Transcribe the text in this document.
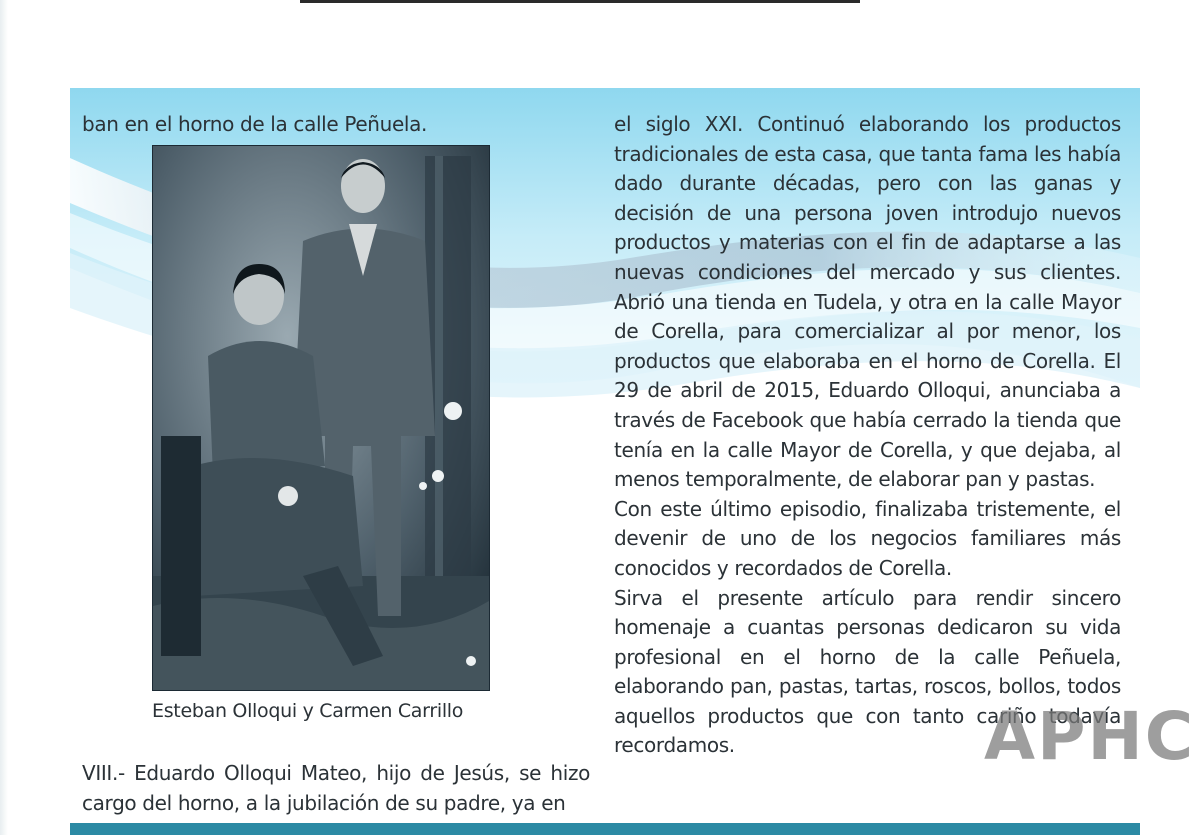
ban en el horno de la calle Peñuela.
Esteban Olloqui y Carmen Carrillo
VIII.- Eduardo Olloqui Mateo, hijo de Jesús, se hizo cargo del horno, a la jubilación de su padre, ya en

el siglo XXI. Continuó elaborando los productos tradicionales de esta casa, que tanta fama les había dado durante décadas, pero con las ganas y decisión de una persona joven introdujo nuevos productos y materias con el fin de adaptarse a las nuevas condiciones del mercado y sus clientes. Abrió una tienda en Tudela, y otra en la calle Mayor de Corella, para comercializar al por menor, los productos que elaboraba en el horno de Corella. El 29 de abril de 2015, Eduardo Olloqui, anunciaba a través de Facebook que había cerrado la tienda que tenía en la calle Mayor de Corella, y que dejaba, al menos temporalmente, de elaborar pan y pastas.

Con este último episodio, finalizaba tristemente, el devenir de uno de los negocios familiares más conocidos y recordados de Corella.

Sirva el presente artículo para rendir sincero homenaje a cuantas personas dedicaron su vida profesional en el horno de la calle Peñuela, elaborando pan, pastas, tartas, roscos, bollos, todos aquellos productos que con tanto cariño todavía recordamos.	APHC
